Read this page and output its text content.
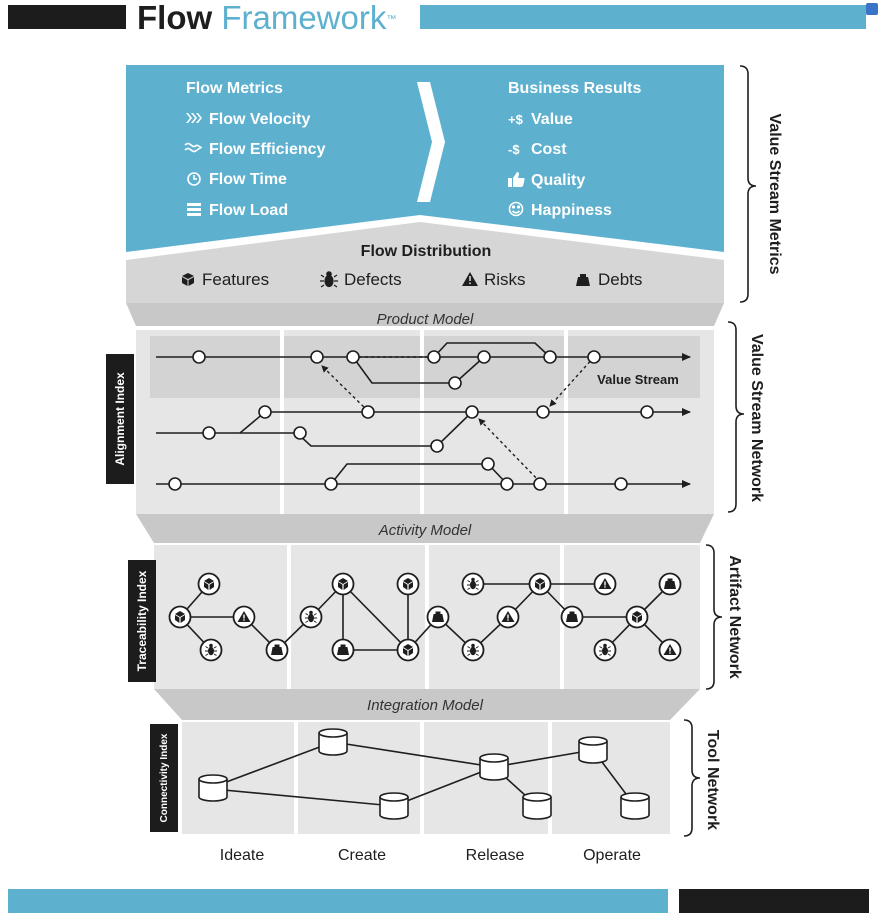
Flow Framework™
Flow Metrics
Flow Velocity
Flow Efficiency
Flow Time
Flow Load
Business Results
+$ Value
-$ Cost
Quality
Happiness
Flow Distribution
Features	Defects	Risks	Debts
Product Model
Value Stream
Alignment Index
Activity Model
Traceability Index
Integration Model
Connectivity Index
Ideate	Create	Release	Operate
Value Stream Metrics
Value Stream Network
Artifact Network
Tool Network
